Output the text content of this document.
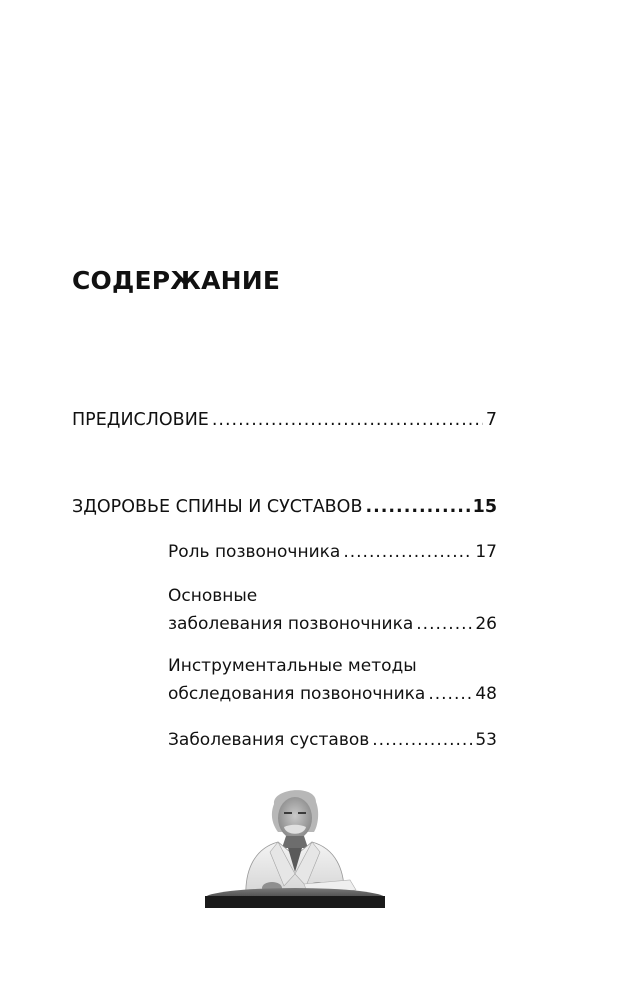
СОДЕРЖАНИЕ
ПРЕДИСЛОВИЕ .....	7
ЗДОРОВЬЕ СПИНЫ И СУСТАВОВ .....	15
Роль позвоночника .....	17
Основные
заболевания позвоночника .....	26
Инструментальные методы
обследования позвоночника .....	48
Заболевания суставов .....	53
